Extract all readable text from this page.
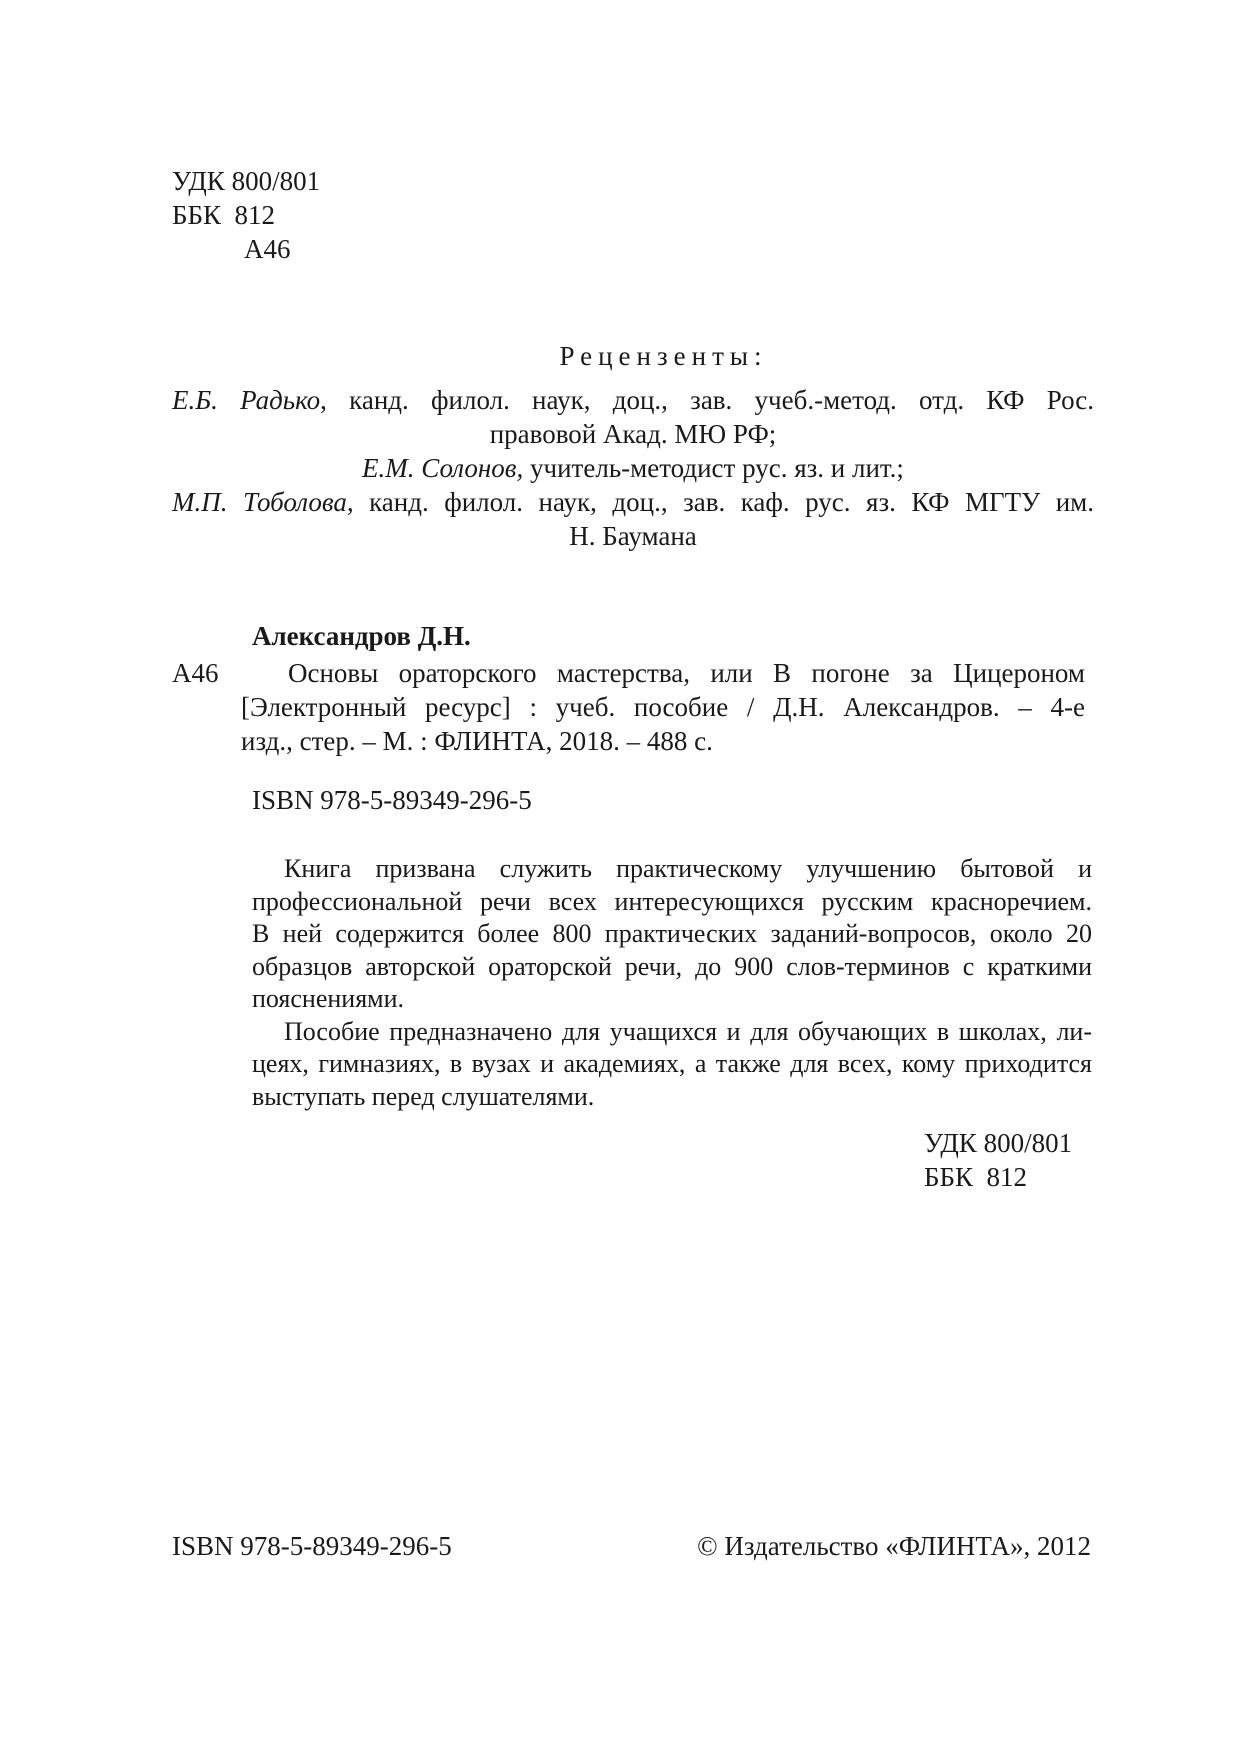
УДК 800/801
ББК  812
А46
Рецензенты:
Е.Б. Радько, канд. филол. наук, доц., зав. учеб.-метод. отд. КФ Рос.
правовой Акад. МЮ РФ;
Е.М. Солонов, учитель-методист рус. яз. и лит.;
М.П. Тоболова, канд. филол. наук, доц., зав. каф. рус. яз. КФ МГТУ им.
Н. Баумана
Александров Д.Н.
А46	Основы ораторского мастерства, или В погоне за Цицероном
[Электронный ресурс] : учеб. пособие / Д.Н. Александров. – 4-е
изд., стер. – М. : ФЛИНТА, 2018. – 488 с.
ISBN 978-5-89349-296-5
Книга призвана служить практическому улучшению бытовой и
профессиональной речи всех интересующихся русским красноречием.
В ней содержится более 800 практических заданий-вопросов, около 20
образцов авторской ораторской речи, до 900 слов-терминов с краткими
пояснениями.
Пособие предназначено для учащихся и для обучающих в школах, ли-
цеях, гимназиях, в вузах и академиях, а также для всех, кому приходится
выступать перед слушателями.
УДК 800/801
ББК  812
ISBN 978-5-89349-296-5	© Издательство «ФЛИНТА», 2012
